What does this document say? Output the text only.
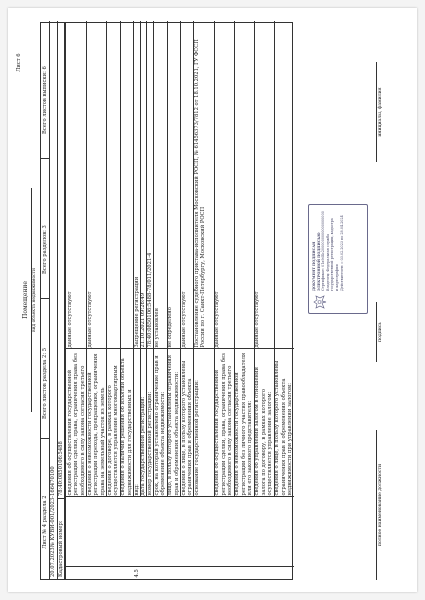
Лист 6
Помещение вид объекта недвижимости
Лист № 4 раздела 2
Всего листов раздела 2: 5
Всего разделов: 3
Всего листов выписки: 6
20.07.2023
№ КУВИ-001/2023-166470100
Кадастровый номер:
78:40:0850106:5488 сведения об осуществлении государственной регистрации сделки, права, ограничения права без необходимого в силу закона согласия третьего
данные отсутствуют
сведения о невозможности государственной регистрации перехода, прекращения, ограничения права на земельный участок из земель
данные отсутствуют
сведения о договоре, в рамках которого осуществляется управление многоквартирным
сведения о наличии решения об изъятии объекта недвижимости для государственных и
4.5
вид:
Запрещение регистрации
дата государственной регистрации:
21.10.2021 09:26:49
номер государственной регистрации:
78:40:0850106:5488-78/011/2021-4
срок, на который установлено ограничение прав и обременение объекта недвижимости:
не установлен
лицо, в пользу которого установлены ограничения прав и обременения объекта недвижимости:
не определено
сведения о лице, в пользу которого установлены ограничения прав и обременения объекта
данные отсутствуют
основание государственной регистрации:
Постановление судебного пристава-исполнителя Московский РОСП, № 61456373/7812 от 18.10.2021, ГУ ФССП России по г. Санкт-Петербургу, Московский РОСП
сведения об осуществлении государственной регистрации сделки, права, ограничения права без необходимого в силу закона согласия третьего
данные отсутствуют
сведения о невозможности государственной регистрации без личного участия правообладателя или его законного представителя: сведения об управлении залогом в отношении залога по договору, в рамках которого осуществляется управление залогом:
данные отсутствуют
сведения о лице, в пользу которого установлены ограничения прав и обременения объекта недвижимости при управлении залогом:
полное наименование должности
подпись
инициалы, фамилия
ДОКУМЕНТ ПОДПИСАН ЭЛЕКТРОННОЙ ПОДПИСЬЮ Сертификат: 01a9d4c2000000000000000000 Владелец: Федеральная служба государственной регистрации, кадастра и картографии Действителен: с 03.02.2023 по 28.04.2024
